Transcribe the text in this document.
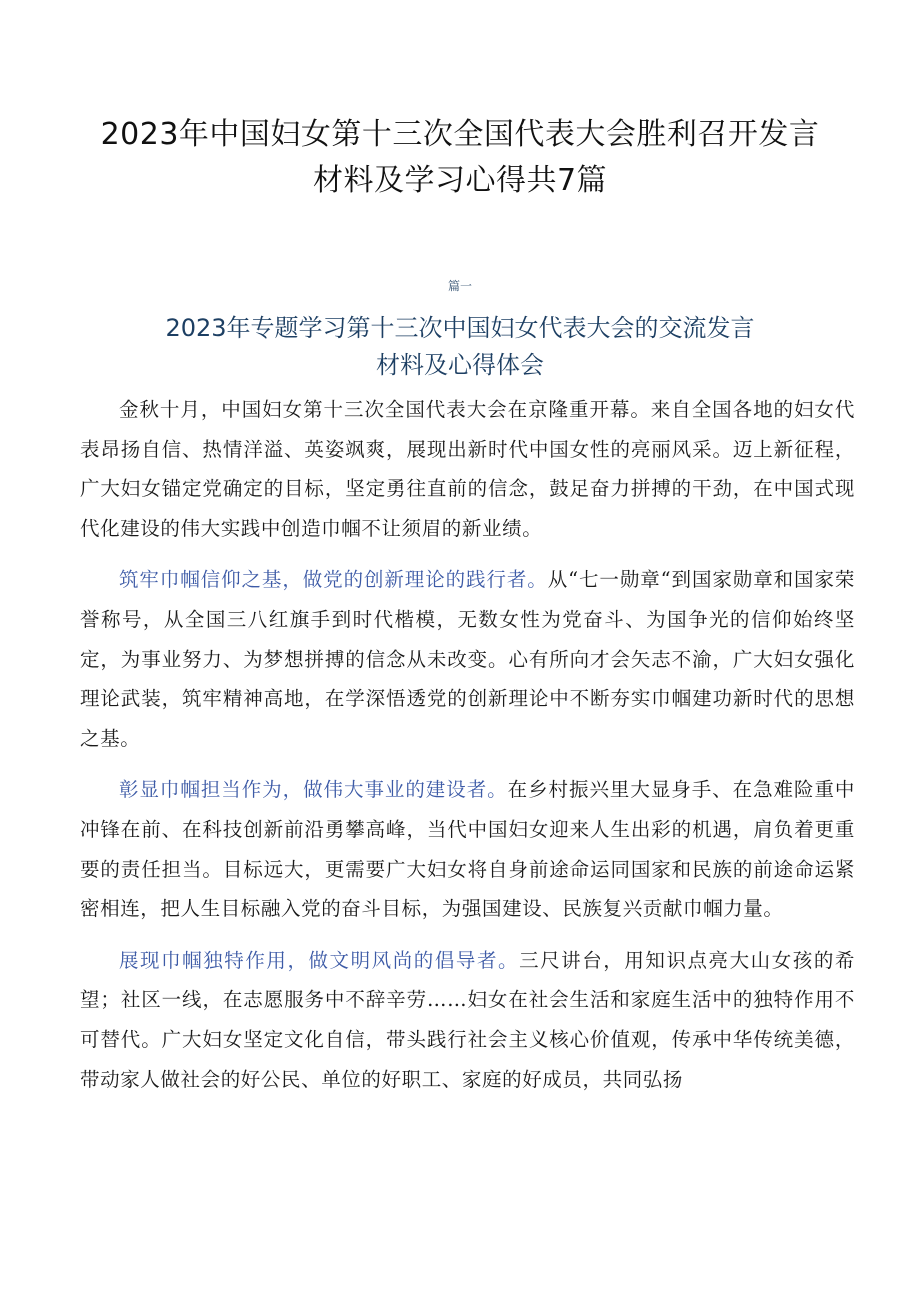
2023年中国妇女第十三次全国代表大会胜利召开发言
材料及学习心得共7篇
篇一
2023年专题学习第十三次中国妇女代表大会的交流发言
材料及心得体会

金秋十月，中国妇女第十三次全国代表大会在京隆重开幕。来自全国各地的妇女代表昂扬自信、热情洋溢、英姿飒爽，展现出新时代中国女性的亮丽风采。迈上新征程，广大妇女锚定党确定的目标，坚定勇往直前的信念，鼓足奋力拼搏的干劲，在中国式现代化建设的伟大实践中创造巾帼不让须眉的新业绩。

筑牢巾帼信仰之基，做党的创新理论的践行者。从“七一勋章“到国家勋章和国家荣誉称号，从全国三八红旗手到时代楷模，无数女性为党奋斗、为国争光的信仰始终坚定，为事业努力、为梦想拼搏的信念从未改变。心有所向才会矢志不渝，广大妇女强化理论武装，筑牢精神高地，在学深悟透党的创新理论中不断夯实巾帼建功新时代的思想之基。

彰显巾帼担当作为，做伟大事业的建设者。在乡村振兴里大显身手、在急难险重中冲锋在前、在科技创新前沿勇攀高峰，当代中国妇女迎来人生出彩的机遇，肩负着更重要的责任担当。目标远大，更需要广大妇女将自身前途命运同国家和民族的前途命运紧密相连，把人生目标融入党的奋斗目标，为强国建设、民族复兴贡献巾帼力量。

展现巾帼独特作用，做文明风尚的倡导者。三尺讲台，用知识点亮大山女孩的希望；社区一线，在志愿服务中不辞辛劳……妇女在社会生活和家庭生活中的独特作用不可替代。广大妇女坚定文化自信，带头践行社会主义核心价值观，传承中华传统美德，带动家人做社会的好公民、单位的好职工、家庭的好成员，共同弘扬
